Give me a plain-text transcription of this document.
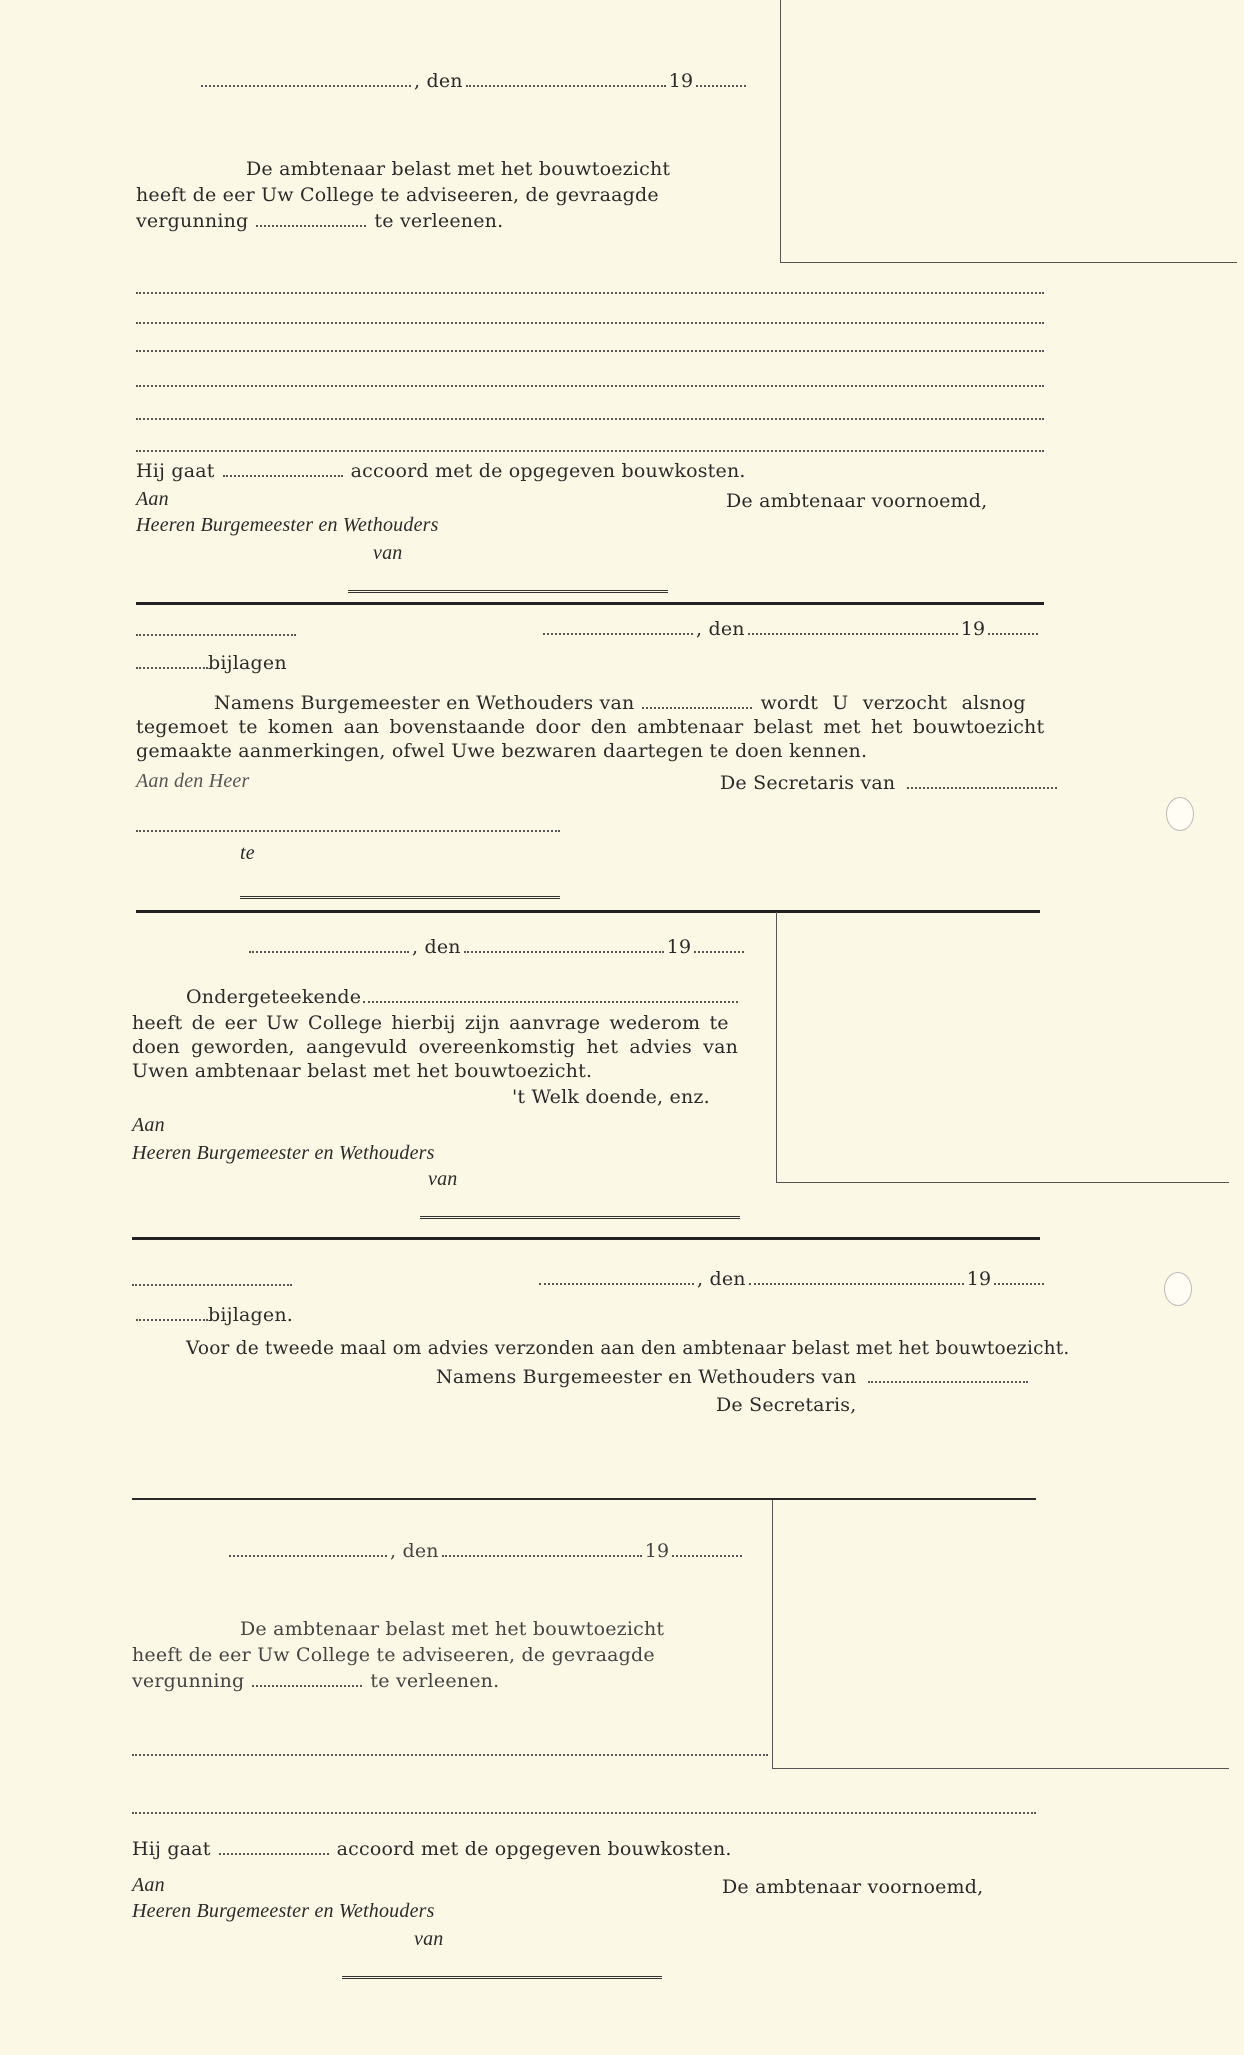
, den	19
De ambtenaar belast met het bouwtoezicht
heeft de eer Uw College te adviseeren, de gevraagde
vergunning	te verleenen.
Hij gaat	accoord met de opgegeven bouwkosten.
Aan	De ambtenaar voornoemd,
Heeren Burgemeester en Wethouders
van
, den	19
bijlagen
Namens Burgemeester en Wethouders van	wordt U verzocht alsnog
tegemoet te komen aan bovenstaande door den ambtenaar belast met het bouwtoezicht
gemaakte aanmerkingen, ofwel Uwe bezwaren daartegen te doen kennen.
Aan den Heer	De Secretaris van
te
, den	19
Ondergeteekende
heeft de eer Uw College hierbij zijn aanvrage wederom te
doen geworden, aangevuld overeenkomstig het advies van
Uwen ambtenaar belast met het bouwtoezicht.
't Welk doende, enz.
Aan
Heeren Burgemeester en Wethouders
van
, den	19
bijlagen.
Voor de tweede maal om advies verzonden aan den ambtenaar belast met het bouwtoezicht.
Namens Burgemeester en Wethouders van
De Secretaris,
, den	19
De ambtenaar belast met het bouwtoezicht
heeft de eer Uw College te adviseeren, de gevraagde
vergunning	te verleenen.
Hij gaat	accoord met de opgegeven bouwkosten.
Aan	De ambtenaar voornoemd,
Heeren Burgemeester en Wethouders
van
